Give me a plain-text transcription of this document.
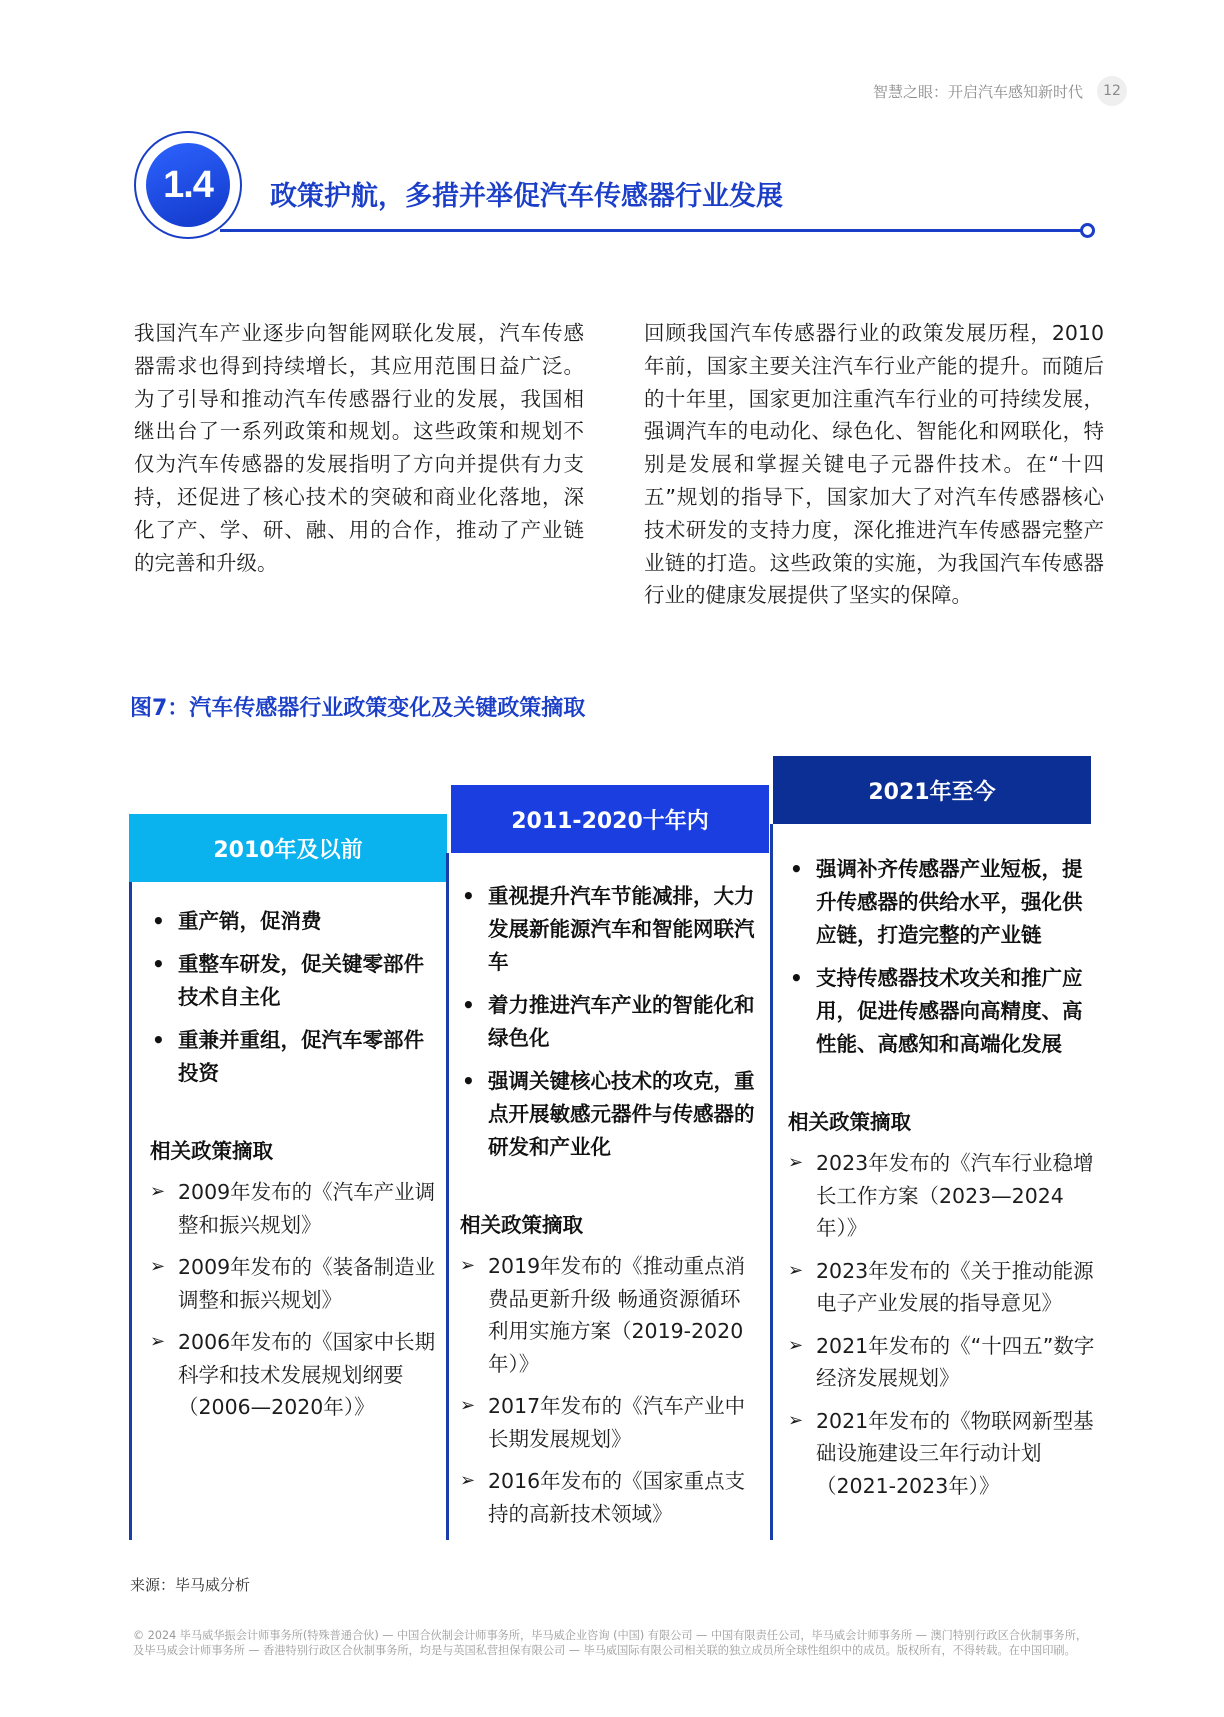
智慧之眼：开启汽车感知新时代	12
1.4	政策护航，多措并举促汽车传感器行业发展

我国汽车产业逐步向智能网联化发展，汽车传感器需求也得到持续增长，其应用范围日益广泛。为了引导和推动汽车传感器行业的发展，我国相继出台了一系列政策和规划。这些政策和规划不仅为汽车传感器的发展指明了方向并提供有力支持，还促进了核心技术的突破和商业化落地，深化了产、学、研、融、用的合作，推动了产业链的完善和升级。

回顾我国汽车传感器行业的政策发展历程，2010年前，国家主要关注汽车行业产能的提升。而随后的十年里，国家更加注重汽车行业的可持续发展，强调汽车的电动化、绿色化、智能化和网联化，特别是发展和掌握关键电子元器件技术。在“十四五”规划的指导下，国家加大了对汽车传感器核心技术研发的支持力度，深化推进汽车传感器完整产业链的打造。这些政策的实施，为我国汽车传感器行业的健康发展提供了坚实的保障。

图7：汽车传感器行业政策变化及关键政策摘取
2010年及以前
2011-2020十年内
2021年至今
• 重产销，促消费
• 重整车研发，促关键零部件技术自主化
• 重兼并重组，促汽车零部件投资
相关政策摘取
➢ 2009年发布的《汽车产业调整和振兴规划》
➢ 2009年发布的《装备制造业调整和振兴规划》
➢ 2006年发布的《国家中长期科学和技术发展规划纲要（2006—2020年）》
• 重视提升汽车节能减排，大力发展新能源汽车和智能网联汽车
• 着力推进汽车产业的智能化和绿色化
• 强调关键核心技术的攻克，重点开展敏感元器件与传感器的研发和产业化
相关政策摘取
➢ 2019年发布的《推动重点消费品更新升级 畅通资源循环利用实施方案（2019-2020年）》
➢ 2017年发布的《汽车产业中长期发展规划》
➢ 2016年发布的《国家重点支持的高新技术领域》
• 强调补齐传感器产业短板，提升传感器的供给水平，强化供应链，打造完整的产业链
• 支持传感器技术攻关和推广应用，促进传感器向高精度、高性能、高感知和高端化发展
相关政策摘取
➢ 2023年发布的《汽车行业稳增长工作方案（2023—2024年）》
➢ 2023年发布的《关于推动能源电子产业发展的指导意见》
➢ 2021年发布的《“十四五”数字经济发展规划》
➢ 2021年发布的《物联网新型基础设施建设三年行动计划（2021-2023年）》
来源：毕马威分析
© 2024 毕马威华振会计师事务所(特殊普通合伙) — 中国合伙制会计师事务所，毕马威企业咨询 (中国) 有限公司 — 中国有限责任公司，毕马威会计师事务所 — 澳门特别行政区合伙制事务所，及毕马威会计师事务所 — 香港特别行政区合伙制事务所，均是与英国私营担保有限公司 — 毕马威国际有限公司相关联的独立成员所全球性组织中的成员。版权所有，不得转载。在中国印刷。
